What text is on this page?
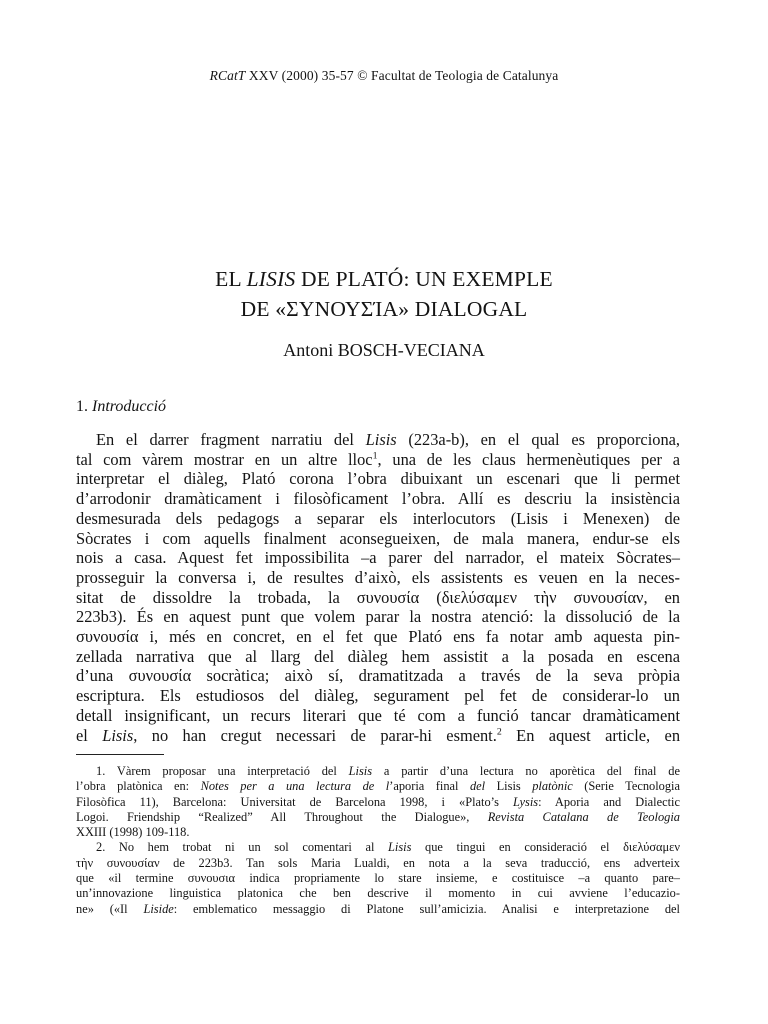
RCatT XXV (2000) 35-57 © Facultat de Teologia de Catalunya
EL LISIS DE PLATÓ: UN EXEMPLE
DE «ΣΥΝΟΥΣΊΑ» DIALOGAL
Antoni BOSCH-VECIANA
1. Introducció
En el darrer fragment narratiu del Lisis (223a-b), en el qual es proporciona,
tal com vàrem mostrar en un altre lloc$^1$, una de les claus hermenèutiques per a
interpretar el diàleg, Plató corona l’obra dibuixant un escenari que li permet
d’arrodonir dramàticament i filosòficament l’obra. Allí es descriu la insistència
desmesurada dels pedagogs a separar els interlocutors (Lisis i Menexen) de
Sòcrates i com aquells finalment aconsegueixen, de mala manera, endur-se els
nois a casa. Aquest fet impossibilita –a parer del narrador, el mateix Sòcrates–
prosseguir la conversa i, de resultes d’això, els assistents es veuen en la neces-
sitat de dissoldre la trobada, la συνουσία (διελύσαμεν τὴν συνουσίαν, en
223b3). És en aquest punt que volem parar la nostra atenció: la dissolució de la
συνουσία i, més en concret, en el fet que Plató ens fa notar amb aquesta pin-
zellada narrativa que al llarg del diàleg hem assistit a la posada en escena
d’una συνουσία socràtica; això sí, dramatitzada a través de la seva pròpia
escriptura. Els estudiosos del diàleg, segurament pel fet de considerar-lo un
detall insignificant, un recurs literari que té com a funció tancar dramàticament
el Lisis, no han cregut necessari de parar-hi esment.$^2$ En aquest article, en
1. Vàrem proposar una interpretació del Lisis a partir d’una lectura no aporètica del final de
l’obra platònica en: Notes per a una lectura de l’aporia final del Lisis platònic (Serie Tecnologia
Filosòfica 11), Barcelona: Universitat de Barcelona 1998, i «Plato’s Lysis: Aporia and Dialectic
Logoi. Friendship “Realized” All Throughout the Dialogue», Revista Catalana de Teologia
XXIII (1998) 109-118.
2. No hem trobat ni un sol comentari al Lisis que tingui en consideració el διελύσαμεν
τὴν συνουσίαν de 223b3. Tan sols Maria Lualdi, en nota a la seva traducció, ens adverteix
que «il termine συνουσια indica propriamente lo stare insieme, e costituisce –a quanto pare–
un’innovazione linguistica platonica che ben descrive il momento in cui avviene l’educazio-
ne» («Il Liside: emblematico messaggio di Platone sull’amicizia. Analisi e interpretazione del
